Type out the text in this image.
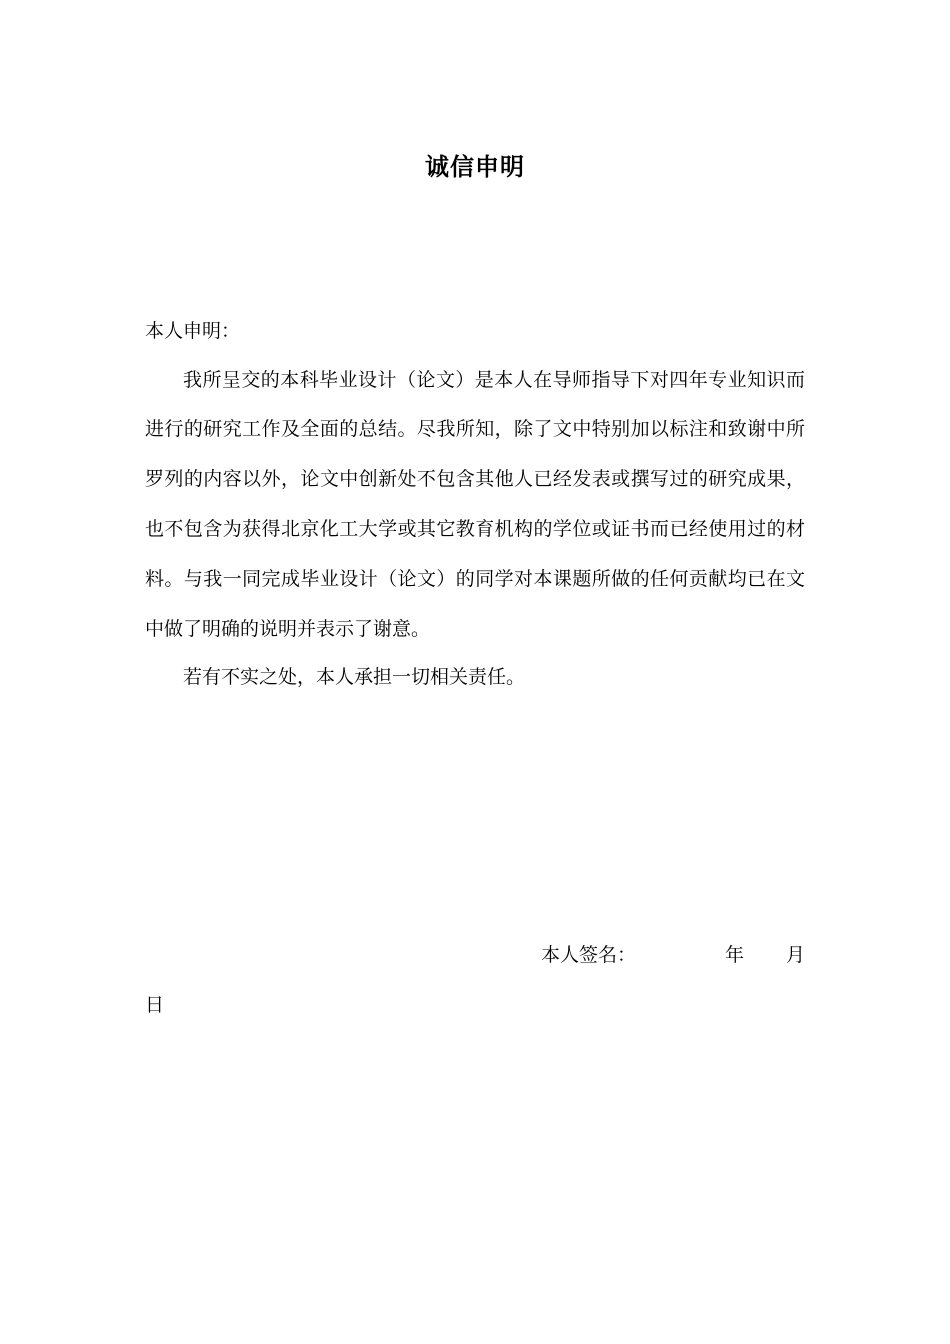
诚信申明
本人申明：
我所呈交的本科毕业设计（论文）是本人在导师指导下对四年专业知识而
进行的研究工作及全面的总结。尽我所知，除了文中特别加以标注和致谢中所
罗列的内容以外，论文中创新处不包含其他人已经发表或撰写过的研究成果，
也不包含为获得北京化工大学或其它教育机构的学位或证书而已经使用过的材
料。与我一同完成毕业设计（论文）的同学对本课题所做的任何贡献均已在文
中做了明确的说明并表示了谢意。
若有不实之处，本人承担一切相关责任。
本人签名：	年 月
日
